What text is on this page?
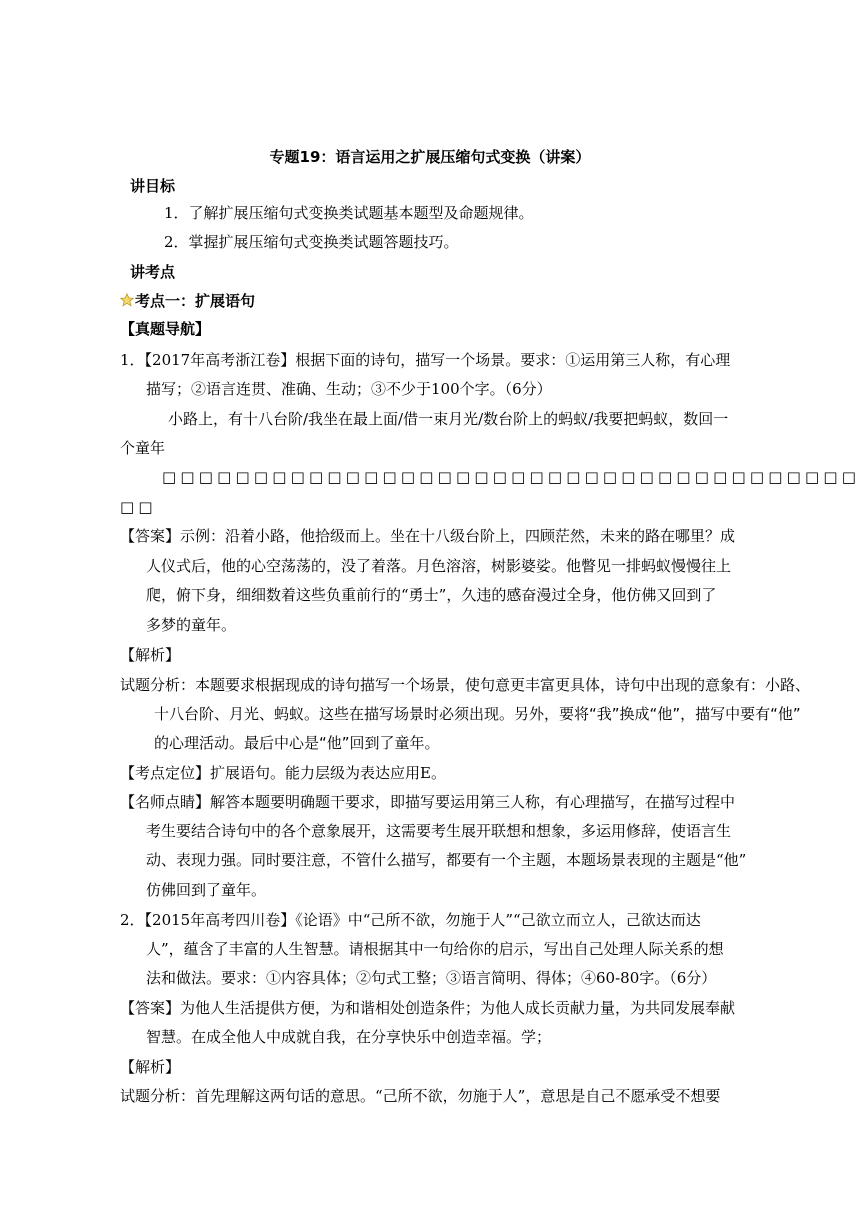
专题19：语言运用之扩展压缩句式变换（讲案）
讲目标
1．了解扩展压缩句式变换类试题基本题型及命题规律。
2．掌握扩展压缩句式变换类试题答题技巧。
讲考点
考点一：扩展语句
【真题导航】
1．【2017年高考浙江卷】根据下面的诗句，描写一个场景。要求：①运用第三人称，有心理
描写；②语言连贯、准确、生动；③不少于100个字。（6分）
小路上，有十八台阶/我坐在最上面/借一束月光/数台阶上的蚂蚁/我要把蚂蚁，数回一
个童年
□□□□□□□□□□□□□□□□□□□□□□□□□□□□□□□□□□□□□□
□□
【答案】示例：沿着小路，他拾级而上。坐在十八级台阶上，四顾茫然，未来的路在哪里？成
人仪式后，他的心空荡荡的，没了着落。月色溶溶，树影婆娑。他瞥见一排蚂蚁慢慢往上
爬，俯下身，细细数着这些负重前行的“勇士”，久违的感奋漫过全身，他仿佛又回到了
多梦的童年。
【解析】
试题分析：本题要求根据现成的诗句描写一个场景，使句意更丰富更具体，诗句中出现的意象有：小路、
十八台阶、月光、蚂蚁。这些在描写场景时必须出现。另外，要将“我”换成“他”，描写中要有“他”
的心理活动。最后中心是“他”回到了童年。
【考点定位】扩展语句。能力层级为表达应用E。
【名师点睛】解答本题要明确题干要求，即描写要运用第三人称，有心理描写，在描写过程中
考生要结合诗句中的各个意象展开，这需要考生展开联想和想象，多运用修辞，使语言生
动、表现力强。同时要注意，不管什么描写，都要有一个主题，本题场景表现的主题是“他”
仿佛回到了童年。
2．【2015年高考四川卷】《论语》中“己所不欲，勿施于人”“己欲立而立人，己欲达而达
人”，蕴含了丰富的人生智慧。请根据其中一句给你的启示，写出自己处理人际关系的想
法和做法。要求：①内容具体；②句式工整；③语言简明、得体；④60-80字。（6分）
【答案】为他人生活提供方便，为和谐相处创造条件；为他人成长贡献力量，为共同发展奉献
智慧。在成全他人中成就自我，在分享快乐中创造幸福。学；
【解析】
试题分析：首先理解这两句话的意思。“己所不欲，勿施于人”，意思是自己不愿承受不想要
